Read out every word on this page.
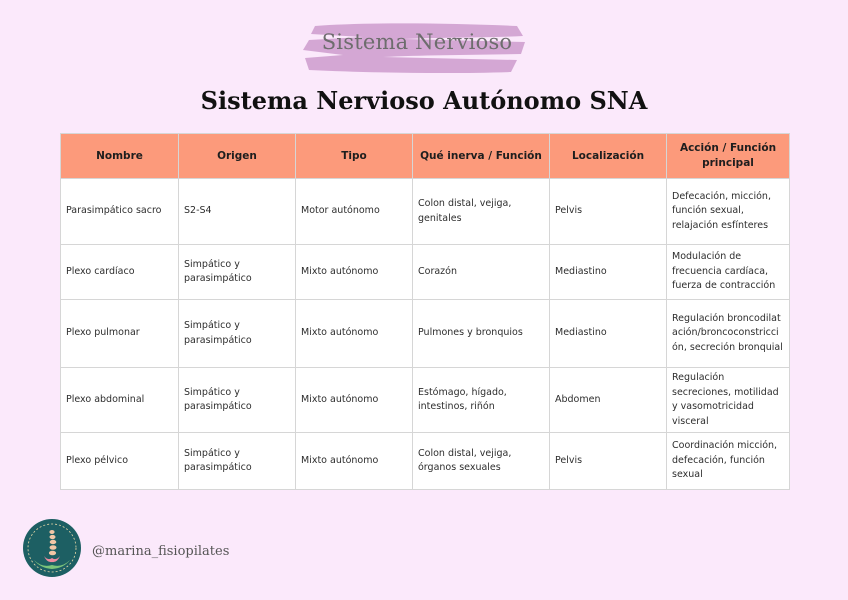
Sistema Nervioso
Sistema Nervioso Autónomo SNA
Nombre	Origen	Tipo	Qué inerva / Función	Localización	Acción / Función principal
Parasimpático sacro	S2-S4	Motor autónomo	Colon distal, vejiga, genitales	Pelvis	Defecación, micción, función sexual, relajación esfínteres
Plexo cardíaco	Simpático y parasimpático	Mixto autónomo	Corazón	Mediastino	Modulación de frecuencia cardíaca, fuerza de contracción
Plexo pulmonar	Simpático y parasimpático	Mixto autónomo	Pulmones y bronquios	Mediastino	Regulación broncodilatación/broncoconstricción, secreción bronquial
Plexo abdominal	Simpático y parasimpático	Mixto autónomo	Estómago, hígado, intestinos, riñón	Abdomen	Regulación secreciones, motilidad y vasomotricidad visceral
Plexo pélvico	Simpático y parasimpático	Mixto autónomo	Colon distal, vejiga, órganos sexuales	Pelvis	Coordinación micción, defecación, función sexual
@marina_fisiopilates
